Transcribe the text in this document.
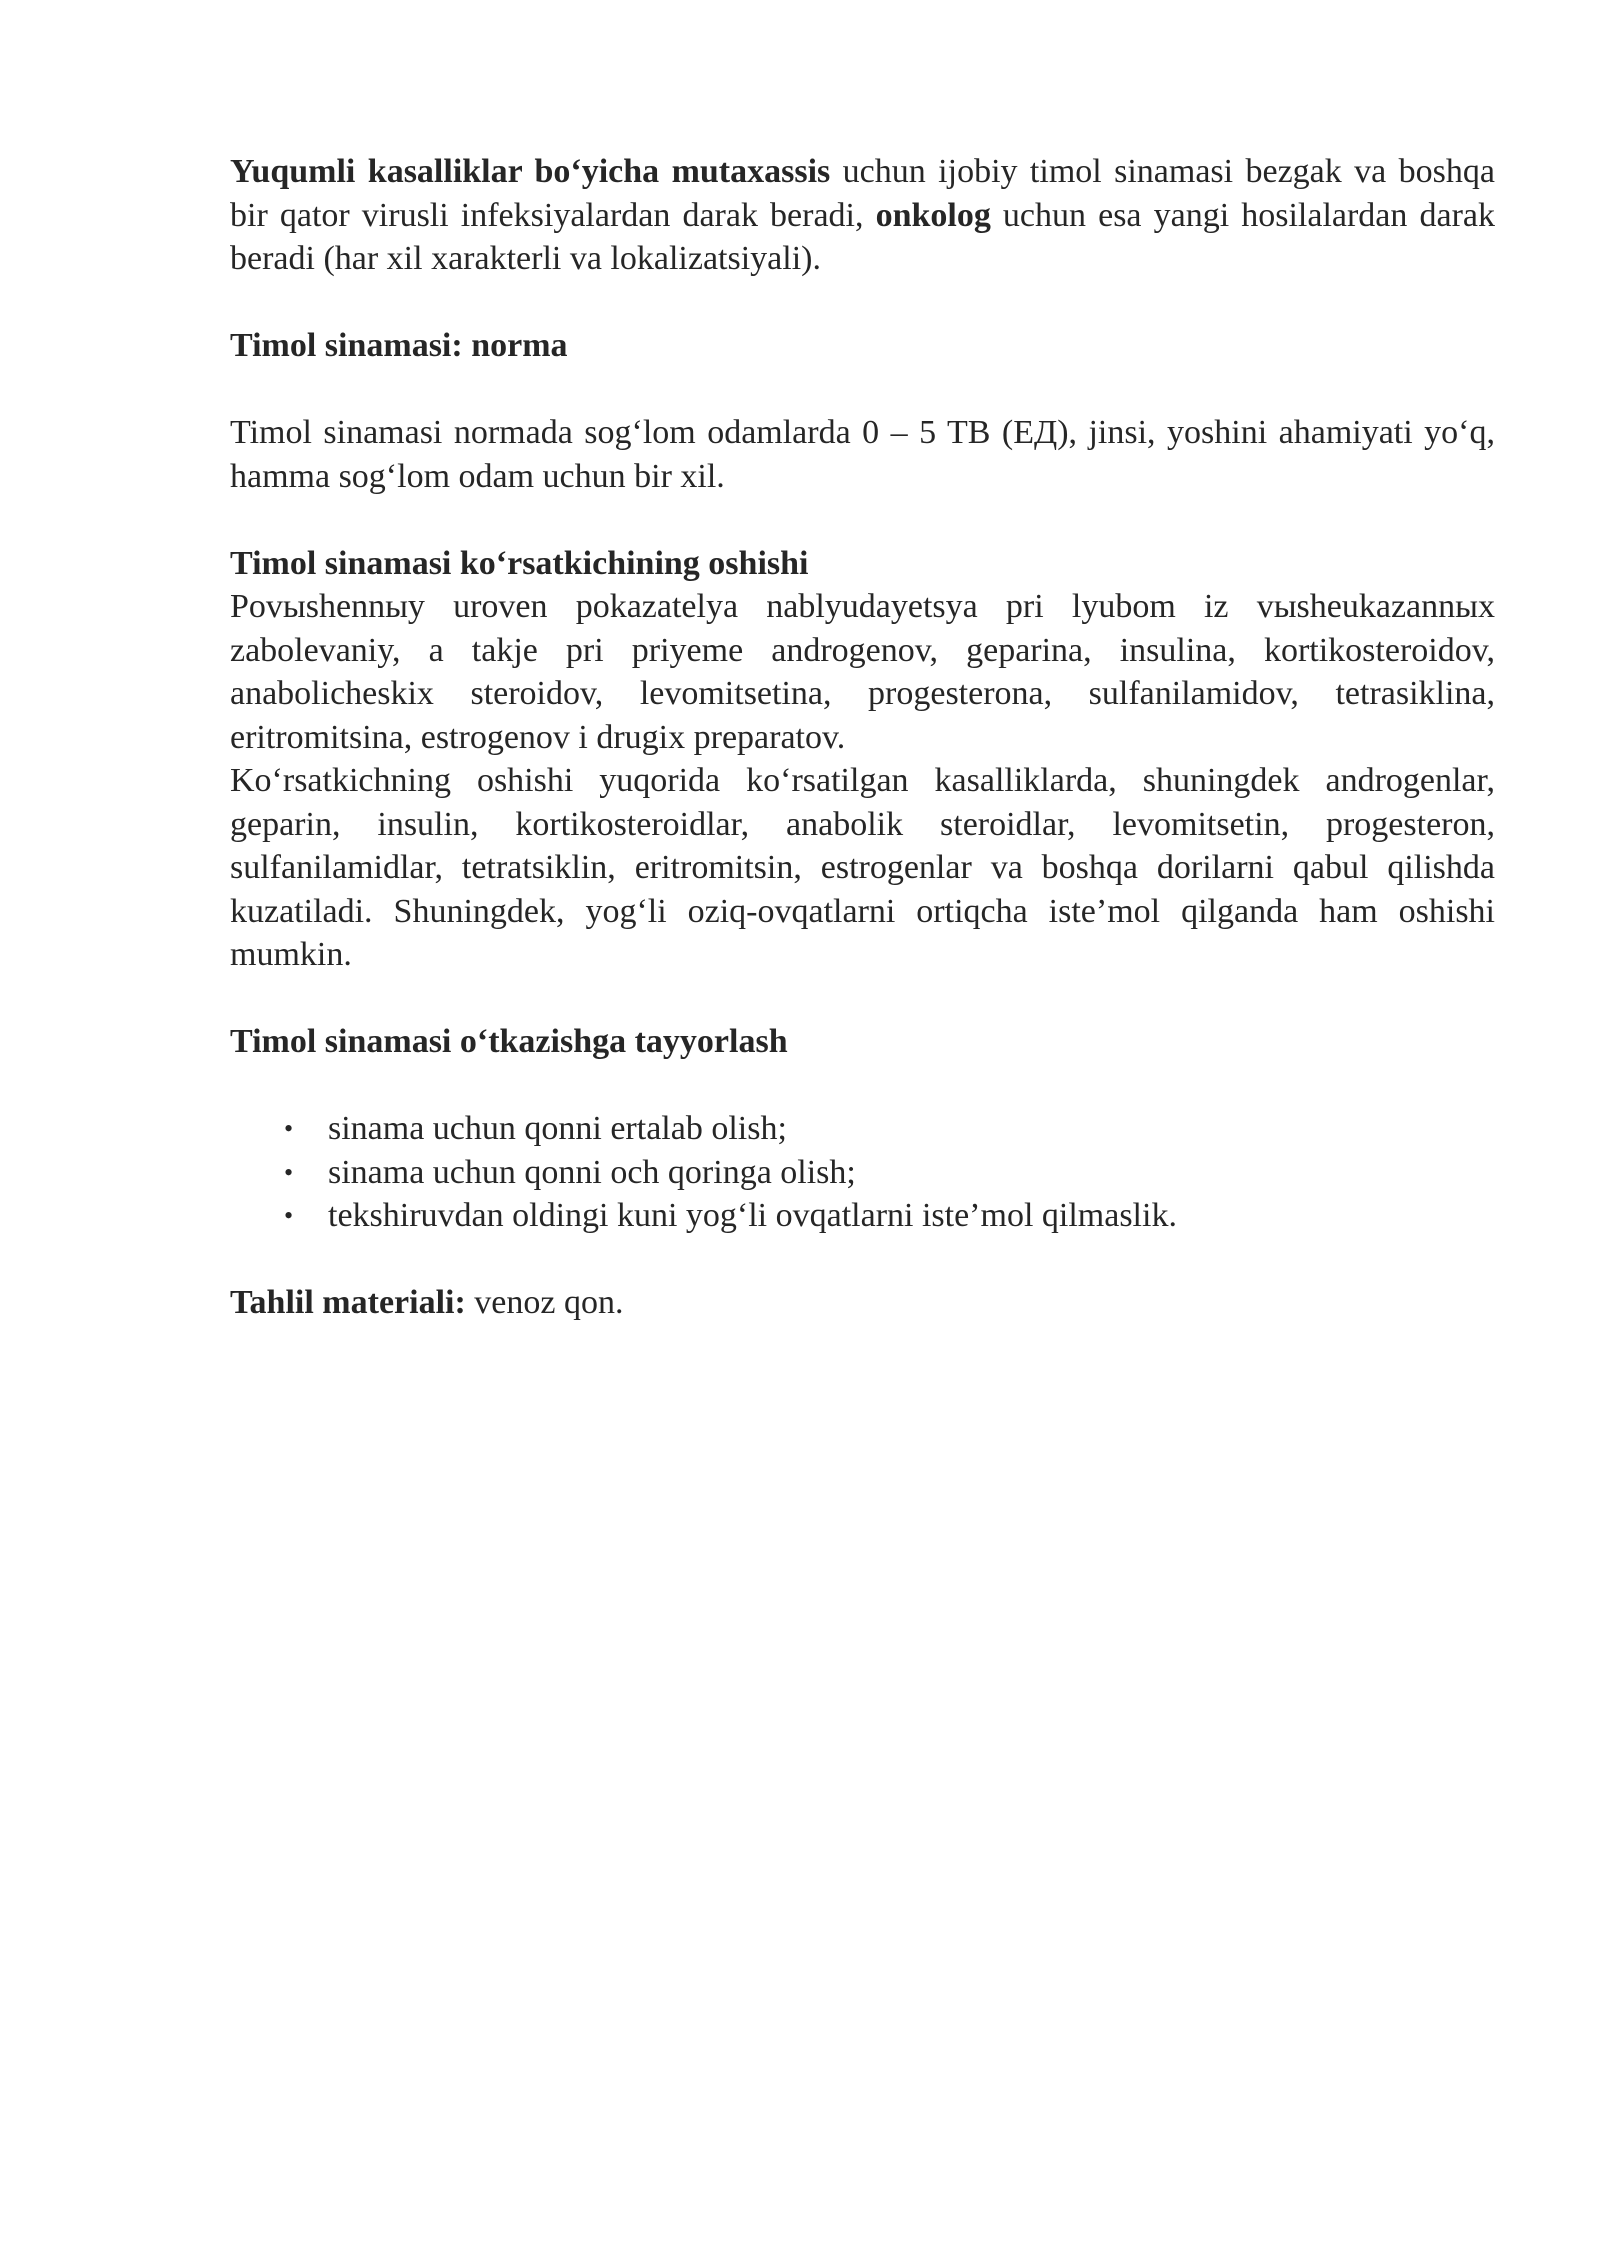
Yuqumli kasalliklar bo‘yicha mutaxassis uchun ijobiy timol sinamasi bezgak va boshqa bir qator virusli infeksiyalardan darak beradi, onkolog uchun esa yangi hosilalardan darak beradi (har xil xarakterli va lokalizatsiyali).

Timol sinamasi: norma

Timol sinamasi normada sog‘lom odamlarda 0 – 5 TB (ЕД), jinsi, yoshini ahamiyati yo‘q, hamma sog‘lom odam uchun bir xil.

Timol sinamasi ko‘rsatkichining oshishi

Povыshennыy uroven pokazatelya nablyudayetsya pri lyubom iz vыsheukazannыx zabolevaniy, a takje pri priyeme androgenov, geparina, insulina, kortikosteroidov, anabolicheskix steroidov, levomitsetina, progesterona, sulfanilamidov, tetrasiklina, eritromitsina, estrogenov i drugix preparatov.

Ko‘rsatkichning oshishi yuqorida ko‘rsatilgan kasalliklarda, shuningdek androgenlar, geparin, insulin, kortikosteroidlar, anabolik steroidlar, levomitsetin, progesteron, sulfanilamidlar, tetratsiklin, eritromitsin, estrogenlar va boshqa dorilarni qabul qilishda kuzatiladi. Shuningdek, yog‘li oziq-ovqatlarni ortiqcha iste’mol qilganda ham oshishi mumkin.

Timol sinamasi o‘tkazishga tayyorlash

• sinama uchun qonni ertalab olish;
• sinama uchun qonni och qoringa olish;
• tekshiruvdan oldingi kuni yog‘li ovqatlarni iste’mol qilmaslik.

Tahlil materiali: venoz qon.
